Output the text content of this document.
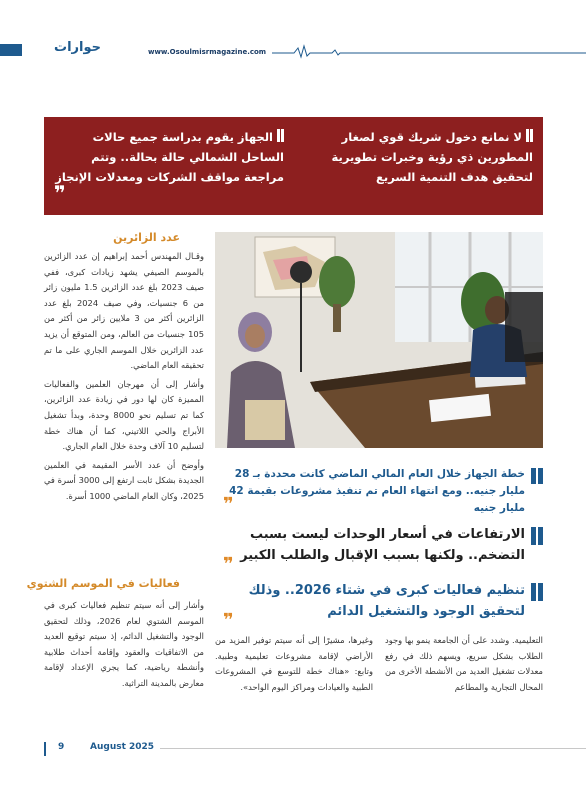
حوارات	www.Osoulmisrmagazine.com
لا نمانع دخول شريك قوي لصغار المطورين ذي رؤية وخبرات تطويرية لتحقيق هدف التنمية السريع
الجهاز يقوم بدراسة جميع حالات الساحل الشمالي حالة بحالة.. وتتم مراجعة مواقف الشركات ومعدلات الإنجاز
❞
عدد الزائرين

وقـال المهندس أحمد إبراهيم إن عدد الزائرين بالموسم الصيفي يشهد زيادات كبرى، ففي صيف 2023 بلغ عدد الزائرين 1.5 مليون زائر من 6 جنسيات، وفي صيف 2024 بلغ عدد الزائرين أكثر من 3 ملايين زائر من أكثر من 105 جنسيات من العالم، ومن المتوقع أن يزيد عدد الزائرين خلال الموسم الجاري على ما تم تحقيقه العام الماضي.

وأشار إلى أن مهرجان العلمين والفعاليات المميزة كان لها دور في زيادة عدد الزائرين، كما تم تسليم نحو 8000 وحدة، وبدأ تشغيل الأبراج والحي اللاتيني، كما أن هناك خطة لتسليم 10 آلاف وحدة خلال العام الجاري.

وأوضح أن عدد الأسر المقيمة في العلمين الجديدة بشكل ثابت ارتفع إلى 3000 أسرة في 2025، وكان العام الماضي 1000 أسرة.

فعاليات في الموسم الشتوي

وأشار إلى أنه سيتم تنظيم فعاليات كبرى في الموسم الشتوي لعام 2026، وذلك لتحقيق الوجود والتشغيل الدائم، إذ سيتم توقيع العديد من الاتفاقيات والعقود وإقامة أحداث طلابية وأنشطة رياضية، كما يجري الإعداد لإقامة معارض بالمدينة التراثية.

خطة الجهاز خلال العام المالي الماضي كانت محددة بـ 28 مليار جنيه.. ومع انتهاء العام تم تنفيذ مشروعات بقيمة 42 مليار جنيه
❞
الارتفاعات في أسعار الوحدات ليست بسبب التضخم.. ولكنها بسبب الإقبال والطلب الكبير
❞
تنظيم فعاليات كبرى في شتاء 2026.. وذلك لتحقيق الوجود والتشغيل الدائم
❞

وغيرها، مشيرًا إلى أنه سيتم توفير المزيد من الأراضي لإقامة مشروعات تعليمية وطبية. وتابع: «هناك خطة للتوسع في المشروعات الطبية والعيادات ومراكز اليوم الواحد».

التعليمية. وشدد على أن الجامعة ينمو بها وجود الطلاب بشكل سريع، ويسهم ذلك في رفع معدلات تشغيل العديد من الأنشطة الأخرى من المحال التجارية والمطاعم

9	August 2025
